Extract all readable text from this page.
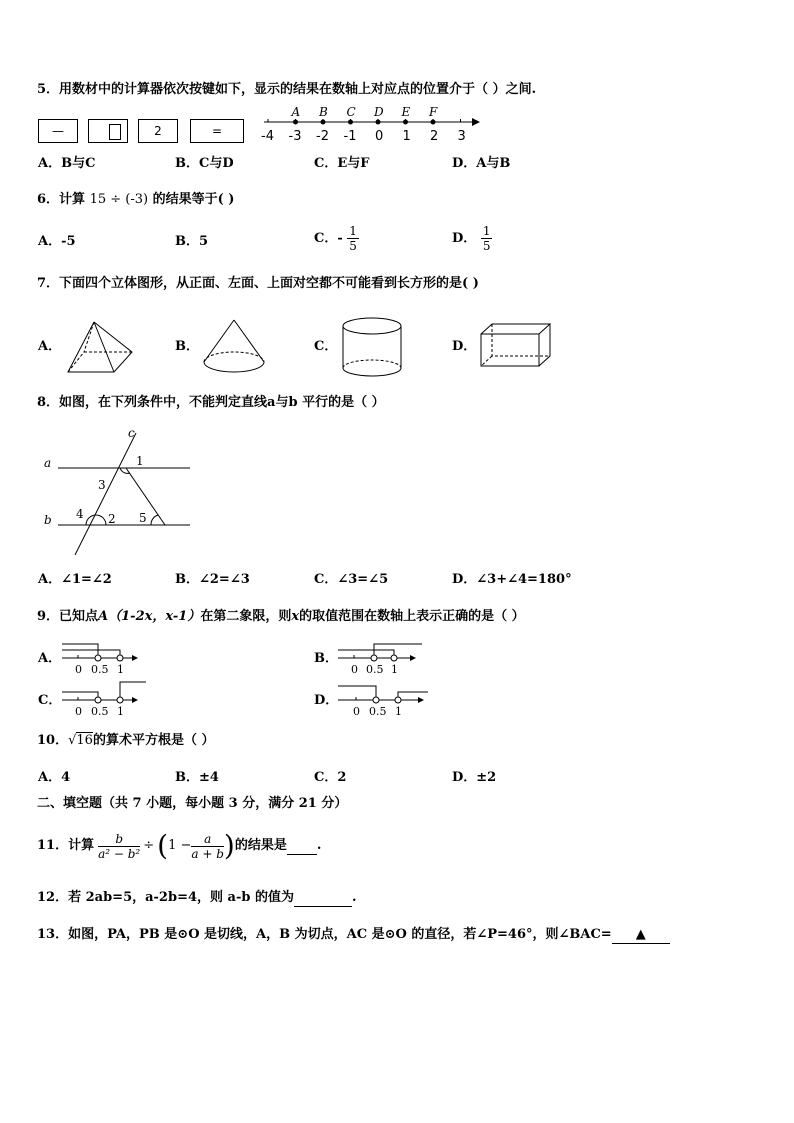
5．用数材中的计算器依次按键如下，显示的结果在数轴上对应点的位置介于（ ）之间.
—	2	=	-4 -3 -2 -1 0 1 2 3
A B C D E F
A．B与C	B．C与D	C．E与F	D．A与B
6．计算 15 ÷ (-3) 的结果等于( )
A．-5	B．5	C．- $\frac{1}{5}$	D． $\frac{1}{5}$
7．下面四个立体图形，从正面、左面、上面对空都不可能看到长方形的是( )
A．	B．	C．	D．
8．如图，在下列条件中，不能判定直线a与b 平行的是（ ）
a
b
c
1
2
3
4	5
A．∠1=∠2	B．∠2=∠3	C．∠3=∠5	D．∠3+∠4=180°
9．已知点A（1-2x，x-1）在第二象限，则x的取值范围在数轴上表示正确的是（ ）
A．
0 0.5 1
B．
0 0.5 1
C．
0 0.5 1
D．
0 0.5 1
10．√16的算术平方根是（ ）
A．4	B．±4	C．2	D．±2
二、填空题（共 7 小题，每小题 3 分，满分 21 分）
11．计算 $\frac{b}{\text{a² − b²}}$ ÷ ( $1 - \frac{a}{a + b}$ ) 的结果是
.
12．若 2ab=5，a-2b=4，则 a-b 的值为	.
13．如图，PA，PB 是⊙O 是切线，A，B 为切点，AC 是⊙O 的直径，若∠P=46°，则∠BAC= ▲
